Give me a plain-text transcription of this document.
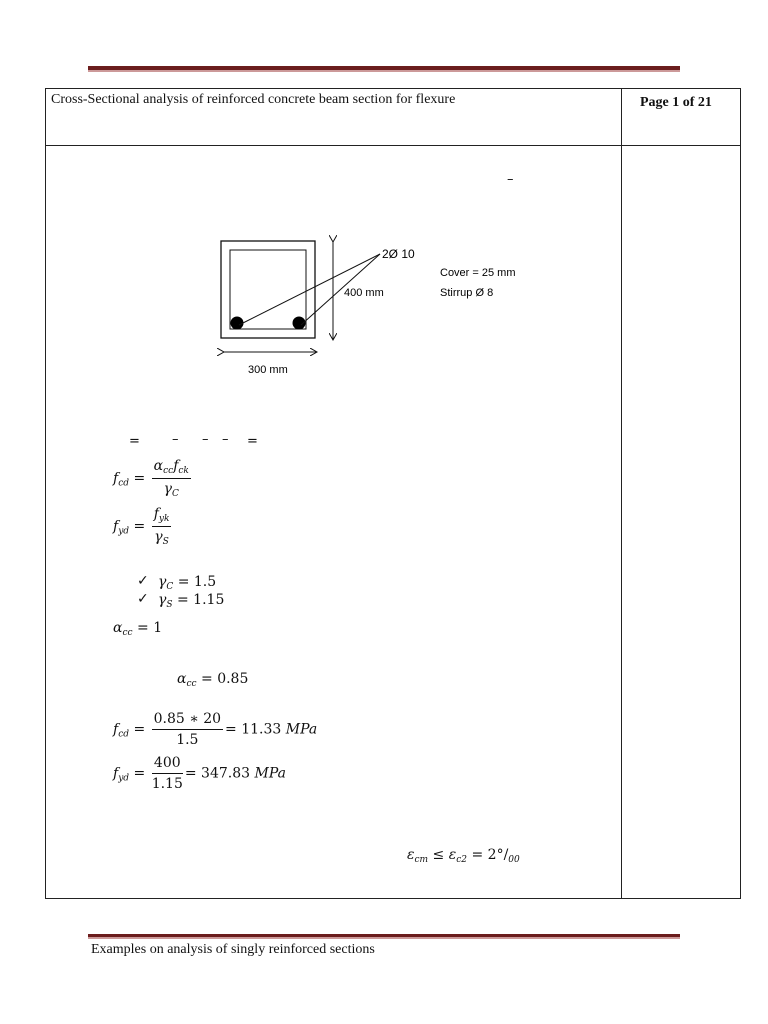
Cross-Sectional analysis of reinforced concrete beam section for flexure	Page 1 of 21
–
2Ø 10
400 mm
300 mm
Cover = 25 mm
Stirrup Ø 8
= – – – =
$f_{cd} = \frac{\alpha_{cc}f_{ck}}{\gamma_C}$
$f_{yd} = \frac{f_{yk}}{\gamma_S}$
✓ $\gamma_C = 1.5$
✓ $\gamma_S = 1.15$
$\alpha_{cc} = 1$
$\alpha_{cc} = 0.85$
$f_{cd} = \frac{0.85 ∗ 20}{1.5} = 11.33$ MPa
$f_{yd} = \frac{400}{1.15} = 347.83$ MPa
$\varepsilon_{cm} \le \varepsilon_{c2} = 2^\circ/_{00}$
Examples on analysis of singly reinforced sections
